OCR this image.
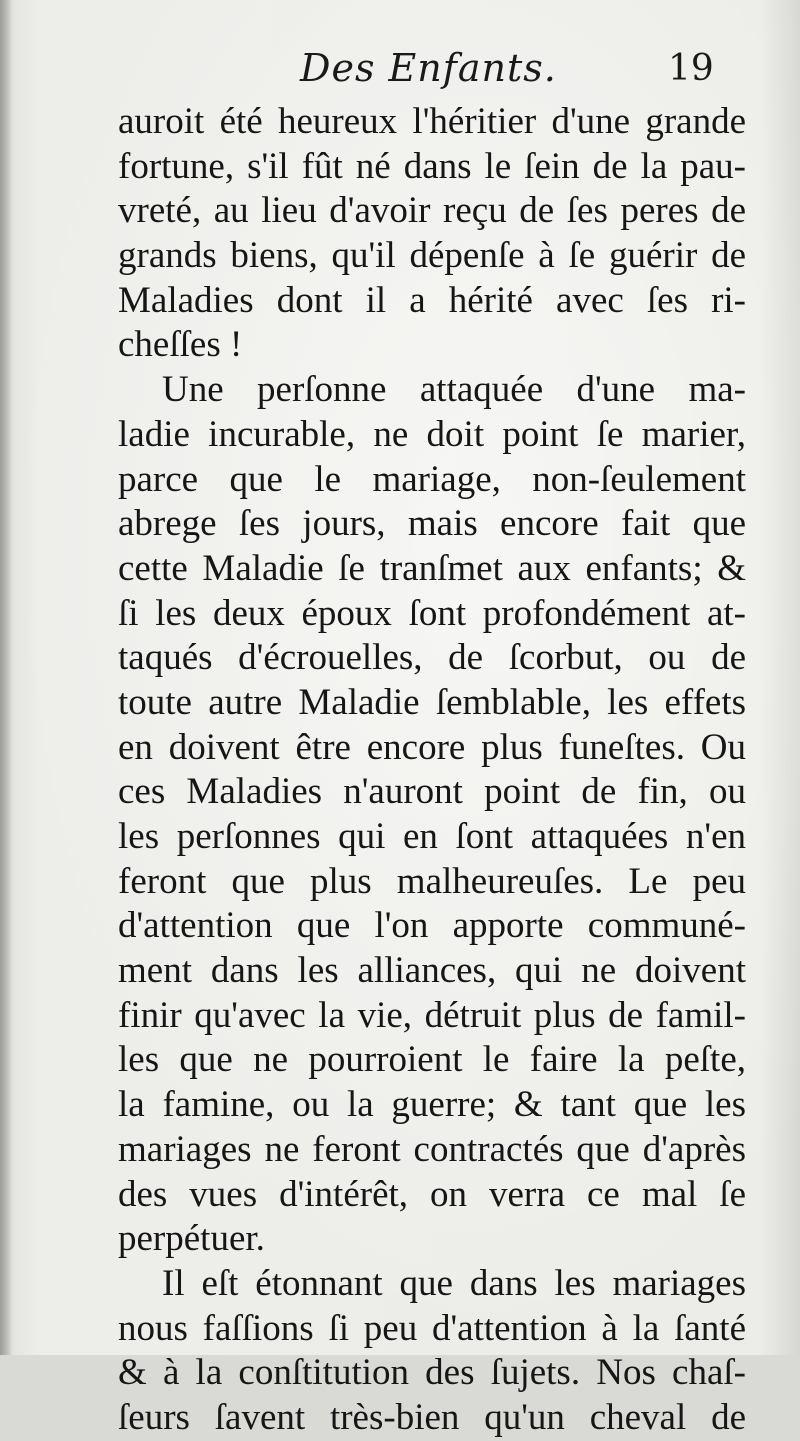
Des Enfants.	19
auroit été heureux l'héritier d'une grande
fortune, s'il fût né dans le ſein de la pau-
vreté, au lieu d'avoir reçu de ſes peres de
grands biens, qu'il dépenſe à ſe guérir de
Maladies dont il a hérité avec ſes ri-
cheſſes !
Une perſonne attaquée d'une ma-
ladie incurable, ne doit point ſe marier,
parce que le mariage, non-ſeulement
abrege ſes jours, mais encore fait que
cette Maladie ſe tranſmet aux enfants; &
ſi les deux époux ſont profondément at-
taqués d'écrouelles, de ſcorbut, ou de
toute autre Maladie ſemblable, les effets
en doivent être encore plus funeſtes. Ou
ces Maladies n'auront point de fin, ou
les perſonnes qui en ſont attaquées n'en
feront que plus malheureuſes. Le peu
d'attention que l'on apporte communé-
ment dans les alliances, qui ne doivent
finir qu'avec la vie, détruit plus de famil-
les que ne pourroient le faire la peſte,
la famine, ou la guerre; & tant que les
mariages ne feront contractés que d'après
des vues d'intérêt, on verra ce mal ſe
perpétuer.
Il eſt étonnant que dans les mariages
nous faſſions ſi peu d'attention à la ſanté
& à la conſtitution des ſujets. Nos chaſ-
ſeurs ſavent très-bien qu'un cheval de
